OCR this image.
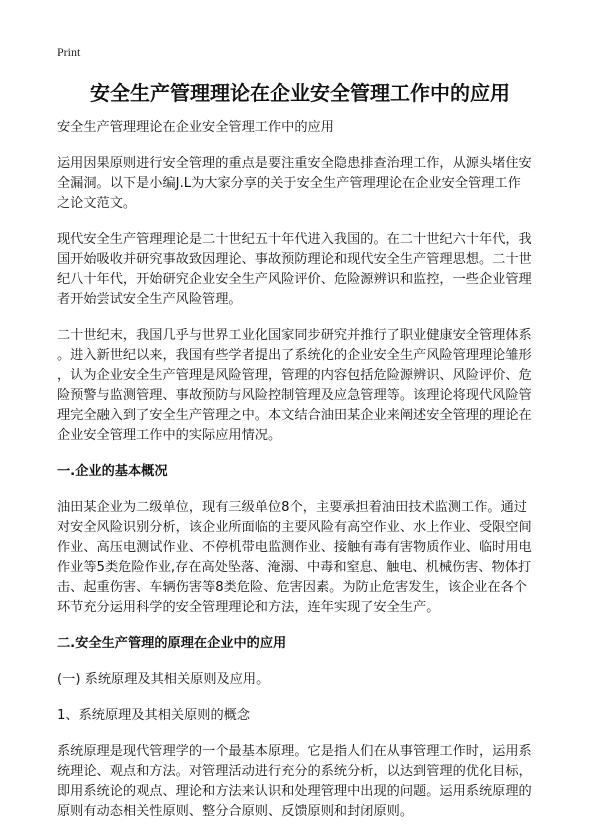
Print
安全生产管理理论在企业安全管理工作中的应用
安全生产管理理论在企业安全管理工作中的应用
运用因果原则进行安全管理的重点是要注重安全隐患排查治理工作，从源头堵住安
全漏洞。以下是小编J.L为大家分享的关于安全生产管理理论在企业安全管理工作
之论文范文。
现代安全生产管理理论是二十世纪五十年代进入我国的。在二十世纪六十年代，我
国开始吸收并研究事故致因理论、事故预防理论和现代安全生产管理思想。二十世
纪八十年代，开始研究企业安全生产风险评价、危险源辨识和监控，一些企业管理
者开始尝试安全生产风险管理。
二十世纪末，我国几乎与世界工业化国家同步研究并推行了职业健康安全管理体系
。进入新世纪以来，我国有些学者提出了系统化的企业安全生产风险管理理论雏形
，认为企业安全生产管理是风险管理，管理的内容包括危险源辨识、风险评价、危
险预警与监测管理、事故预防与风险控制管理及应急管理等。该理论将现代风险管
理完全融入到了安全生产管理之中。本文结合油田某企业来阐述安全管理的理论在
企业安全管理工作中的实际应用情况。
一.企业的基本概况
油田某企业为二级单位，现有三级单位8个，主要承担着油田技术监测工作。通过
对安全风险识别分析，该企业所面临的主要风险有高空作业、水上作业、受限空间
作业、高压电测试作业、不停机带电监测作业、接触有毒有害物质作业、临时用电
作业等5类危险作业,存在高处坠落、淹溺、中毒和窒息、触电、机械伤害、物体打
击、起重伤害、车辆伤害等8类危险、危害因素。为防止危害发生，该企业在各个
环节充分运用科学的安全管理理论和方法，连年实现了安全生产。
二.安全生产管理的原理在企业中的应用
(一) 系统原理及其相关原则及应用。
1、系统原理及其相关原则的概念
系统原理是现代管理学的一个最基本原理。它是指人们在从事管理工作时，运用系
统理论、观点和方法。对管理活动进行充分的系统分析，以达到管理的优化目标，
即用系统论的观点、理论和方法来认识和处理管理中出现的问题。运用系统原理的
原则有动态相关性原则、整分合原则、反馈原则和封闭原则。
